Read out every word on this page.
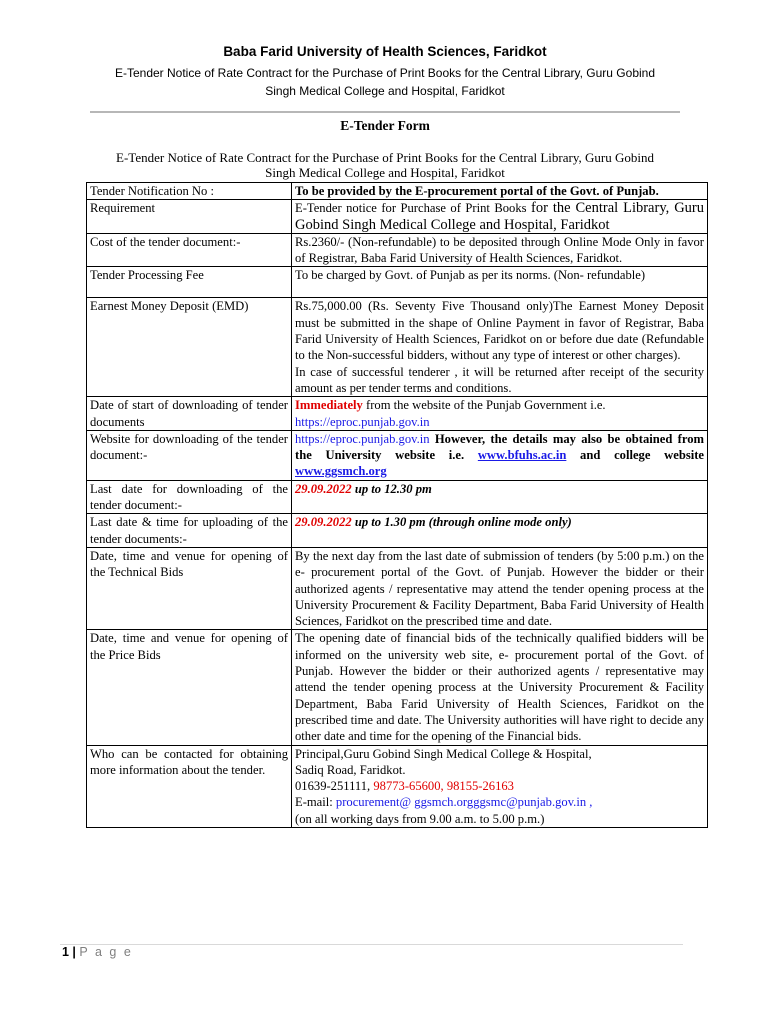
Baba Farid University of Health Sciences, Faridkot
E-Tender Notice of Rate Contract for the Purchase of Print Books for the Central Library, Guru Gobind
Singh Medical College and Hospital, Faridkot
E-Tender Form
E-Tender Notice of Rate Contract for the Purchase of Print Books for the Central Library, Guru Gobind
Singh Medical College and Hospital, Faridkot
Tender Notification No :	To be provided by the E-procurement portal of the Govt. of Punjab.
Requirement	E-Tender notice for Purchase of Print Books for the Central Library, Guru Gobind Singh Medical College and Hospital, Faridkot
Cost of the tender document:-	Rs.2360/- (Non-refundable) to be deposited through Online Mode Only in favor of Registrar, Baba Farid University of Health Sciences, Faridkot.
Tender Processing Fee	To be charged by Govt. of Punjab as per its norms. (Non- refundable)
Earnest Money Deposit (EMD)	Rs.75,000.00 (Rs. Seventy Five Thousand only)The Earnest Money Deposit must be submitted in the shape of Online Payment in favor of Registrar, Baba Farid University of Health Sciences, Faridkot on or before due date (Refundable to the Non-successful bidders, without any type of interest or other charges).
In case of successful tenderer , it will be returned after receipt of the security amount as per tender terms and conditions.

Date of start of downloading of tender documents	Immediately from the website of the Punjab Government i.e.
https://eproc.punjab.gov.in
Website for downloading of the tender document:-	https://eproc.punjab.gov.in However, the details may also be obtained from the University website i.e. www.bfuhs.ac.in and college website www.ggsmch.org
Last date for downloading of the tender document:-	29.09.2022 up to 12.30 pm
Last date & time for uploading of the tender documents:-	29.09.2022 up to 1.30 pm (through online mode only)
Date, time and venue for opening of the Technical Bids	By the next day from the last date of submission of tenders (by 5:00 p.m.) on the e- procurement portal of the Govt. of Punjab. However the bidder or their authorized agents / representative may attend the tender opening process at the University Procurement & Facility Department, Baba Farid University of Health Sciences, Faridkot on the prescribed time and date.
Date, time and venue for opening of the Price Bids	The opening date of financial bids of the technically qualified bidders will be informed on the university web site, e- procurement portal of the Govt. of Punjab. However the bidder or their authorized agents / representative may attend the tender opening process at the University Procurement & Facility Department, Baba Farid University of Health Sciences, Faridkot on the prescribed time and date. The University authorities will have right to decide any other date and time for the opening of the Financial bids.
Who can be contacted for obtaining more information about the tender.	Principal,Guru Gobind Singh Medical College & Hospital,
Sadiq Road, Faridkot.
01639-251111, 98773-65600, 98155-26163
E-mail: procurement@ ggsmch.orgggsmc@punjab.gov.in ,
(on all working days from 9.00 a.m. to 5.00 p.m.)
1 | P a g e
